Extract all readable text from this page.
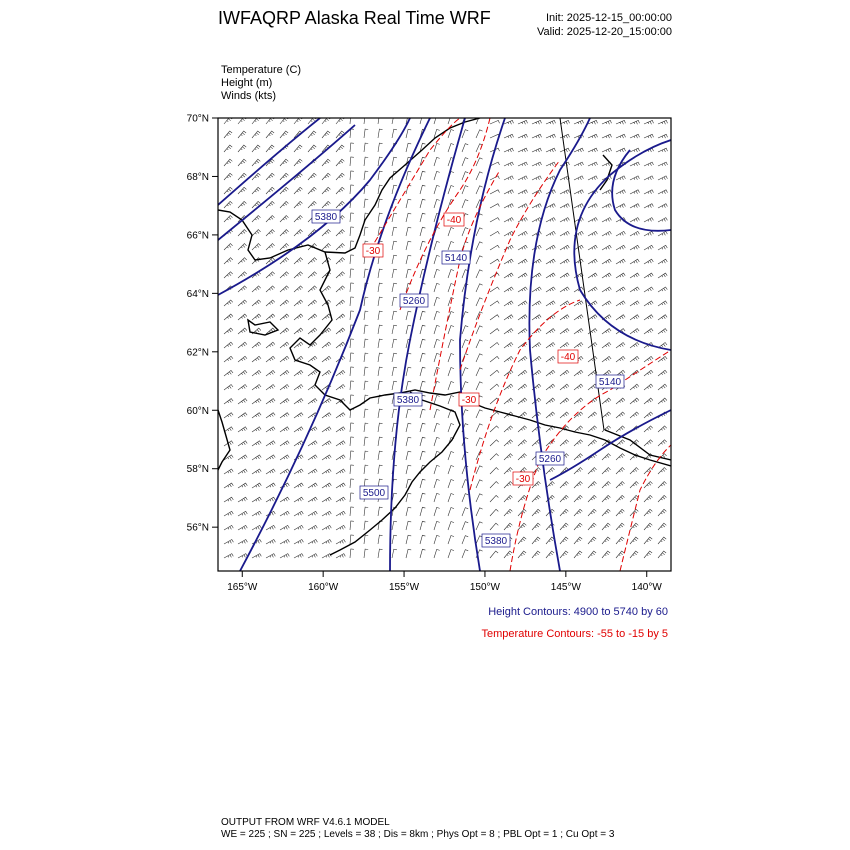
IWFAQRP Alaska Real Time WRF	Init: 2025-12-15_00:00:00
Valid: 2025-12-20_15:00:00
Temperature (C)
Height (m)
Winds (kts)
5380
5140
5260
5380
5500
5260
5140
5380
-30
-40
-30
-40
-30
56°N
58°N
60°N
62°N
64°N
66°N
68°N
70°N
165°W	160°W	155°W	150°W	145°W	140°W
Height Contours: 4900 to 5740 by 60
Temperature Contours: -55 to -15 by 5
OUTPUT FROM WRF V4.6.1 MODEL
WE = 225 ; SN = 225 ; Levels = 38 ; Dis = 8km ; Phys Opt = 8 ; PBL Opt = 1 ; Cu Opt = 3
